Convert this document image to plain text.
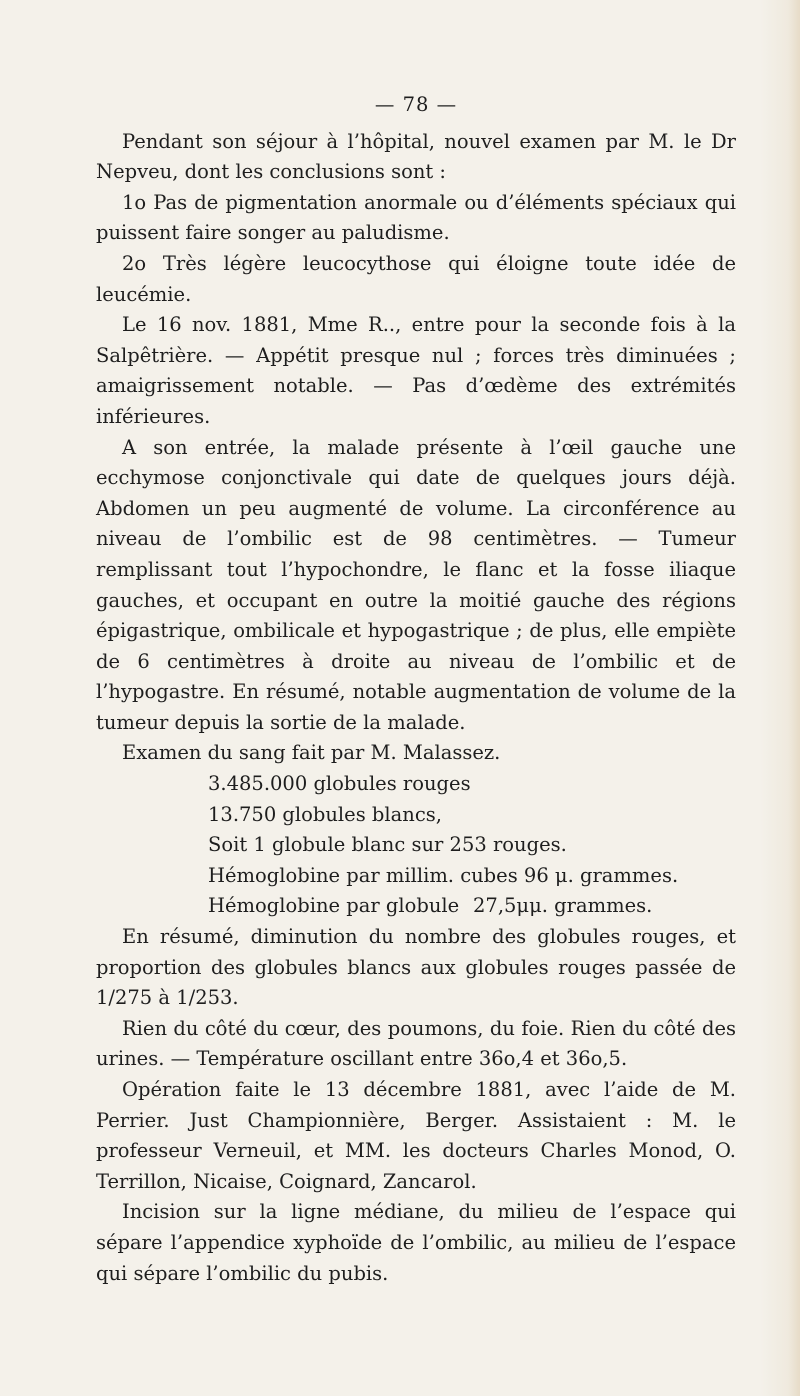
— 78 —

Pendant son séjour à l’hôpital, nouvel examen par M. le Dr Nepveu, dont les conclusions sont :

1o Pas de pigmentation anormale ou d’éléments spéciaux qui puissent faire songer au paludisme.

2o Très légère leucocythose qui éloigne toute idée de leucémie.

Le 16 nov. 1881, Mme R.., entre pour la seconde fois à la Salpêtrière. — Appétit presque nul ; forces très diminuées ; amaigrissement notable. — Pas d’œdème des extrémités inférieures.

A son entrée, la malade présente à l’œil gauche une ecchymose conjonctivale qui date de quelques jours déjà. Abdomen un peu augmenté de volume. La circonférence au niveau de l’ombilic est de 98 centimètres. — Tumeur remplissant tout l’hypochondre, le flanc et la fosse iliaque gauches, et occupant en outre la moitié gauche des régions épigastrique, ombilicale et hypogastrique ; de plus, elle empiète de 6 centimètres à droite au niveau de l’ombilic et de l’hypogastre. En résumé, notable augmentation de volume de la tumeur depuis la sortie de la malade.

Examen du sang fait par M. Malassez.

3.485.000 globules rouges

13.750 globules blancs,

Soit 1 globule blanc sur 253 rouges.

Hémoglobine par millim. cubes 96 μ. grammes.

Hémoglobine par globule 27,5μμ. grammes.

En résumé, diminution du nombre des globules rouges, et proportion des globules blancs aux globules rouges passée de 1/275 à 1/253.

Rien du côté du cœur, des poumons, du foie. Rien du côté des urines. — Température oscillant entre 36o,4 et 36o,5.

Opération faite le 13 décembre 1881, avec l’aide de M. Perrier. Just Championnière, Berger. Assistaient : M. le professeur Verneuil, et MM. les docteurs Charles Monod, O. Terrillon, Nicaise, Coignard, Zancarol.

Incision sur la ligne médiane, du milieu de l’espace qui sépare l’appendice xyphoïde de l’ombilic, au milieu de l’espace qui sépare l’ombilic du pubis.
